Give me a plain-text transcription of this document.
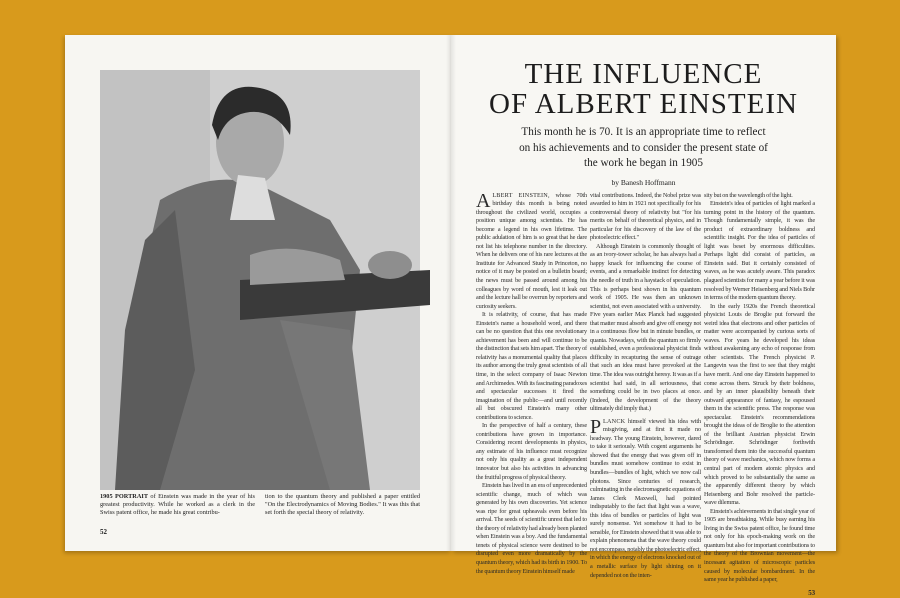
1905 PORTRAIT of Einstein was made in the year of his greatest productivity. While he worked as a clerk in the Swiss patent office, he made his great contribu-

tion to the quantum theory and published a paper entitled "On the Electrodynamics of Moving Bodies." It was this that set forth the special theory of relativity.

52
THE INFLUENCE
OF ALBERT EINSTEIN
This month he is 70. It is an appropriate time to reflect on his achievements and to consider the present state of the work he began in 1905
by Banesh Hoffmann

ALBERT EINSTEIN, whose 70th birthday this month is being noted throughout the civilized world, occupies a position unique among scientists. He has become a legend in his own lifetime. The public adulation of him is so great that he dare not list his telephone number in the directory. When he delivers one of his rare lectures at the Institute for Advanced Study in Princeton, no notice of it may be posted on a bulletin board; the news must be passed around among his colleagues by word of mouth, lest it leak out and the lecture hall be overrun by reporters and curiosity seekers.

It is relativity, of course, that has made Einstein's name a household word, and there can be no question that this one revolutionary achievement has been and will continue to be the distinction that sets him apart. The theory of relativity has a monumental quality that places its author among the truly great scientists of all time, in the select company of Isaac Newton and Archimedes. With its fascinating paradoxes and spectacular successes it fired the imagination of the public—and until recently all but obscured Einstein's many other contributions to science.

In the perspective of half a century, these contributions have grown in importance. Considering recent developments in physics, any estimate of his influence must recognize not only his quality as a great independent innovator but also his activities in advancing the fruitful progress of physical theory.

Einstein has lived in an era of unprecedented scientific change, much of which was generated by his own discoveries. Yet science was ripe for great upheavals even before his arrival. The seeds of scientific unrest that led to the theory of relativity had already been planted when Einstein was a boy. And the fundamental tenets of physical science were destined to be disrupted even more dramatically by the quantum theory, which had its birth in 1900. To the quantum theory Einstein himself made

vital contributions. Indeed, the Nobel prize was awarded to him in 1921 not specifically for his controversial theory of relativity but "for his merits on behalf of theoretical physics, and in particular for his discovery of the law of the photoelectric effect."

Although Einstein is commonly thought of as an ivory-tower scholar, he has always had a happy knack for influencing the course of events, and a remarkable instinct for detecting the needle of truth in a haystack of speculation. This is perhaps best shown in his quantum work of 1905. He was then an unknown scientist, not even associated with a university. Five years earlier Max Planck had suggested that matter must absorb and give off energy not in a continuous flow but in minute bundles, or quanta. Nowadays, with the quantum so firmly established, even a professional physicist finds difficulty in recapturing the sense of outrage that such an idea must have provoked at the time. The idea was outright heresy. It was as if a scientist had said, in all seriousness, that something could be in two places at once. (Indeed, the development of the theory ultimately did imply that.)

PLANCK himself viewed his idea with misgiving, and at first it made no headway. The young Einstein, however, dared to take it seriously. With cogent arguments he showed that the energy that was given off in bundles must somehow continue to exist in bundles—bundles of light, which we now call photons. Since centuries of research, culminating in the electromagnetic equations of James Clerk Maxwell, had pointed indisputably to the fact that light was a wave, this idea of bundles or particles of light was surely nonsense. Yet somehow it had to be sensible, for Einstein showed that it was able to explain phenomena that the wave theory could not encompass, notably the photoelectric effect, in which the energy of electrons knocked out of a metallic surface by light shining on it depended not on the inten-

sity but on the wavelength of the light.

Einstein's idea of particles of light marked a turning point in the history of the quantum. Though fundamentally simple, it was the product of extraordinary boldness and scientific insight. For the idea of particles of light was beset by enormous difficulties. Perhaps light did consist of particles, as Einstein said. But it certainly consisted of waves, as he was acutely aware. This paradox plagued scientists for many a year before it was resolved by Werner Heisenberg and Niels Bohr in terms of the modern quantum theory.

In the early 1920s the French theoretical physicist Louis de Broglie put forward the weird idea that electrons and other particles of matter were accompanied by curious sorts of waves. For years he developed his ideas without awakening any echo of response from other scientists. The French physicist P. Langevin was the first to see that they might have merit. And one day Einstein happened to come across them. Struck by their boldness, and by an inner plausibility beneath their outward appearance of fantasy, he espoused them in the scientific press. The response was spectacular. Einstein's recommendations brought the ideas of de Broglie to the attention of the brilliant Austrian physicist Erwin Schrödinger. Schrödinger forthwith transformed them into the successful quantum theory of wave mechanics, which now forms a central part of modern atomic physics and which proved to be substantially the same as the apparently different theory by which Heisenberg and Bohr resolved the particle-wave dilemma.

Einstein's achievements in that single year of 1905 are breathtaking. While busy earning his living in the Swiss patent office, he found time not only for his epoch-making work on the quantum but also for important contributions to the theory of the Brownian movement—the incessant agitation of microscopic particles caused by molecular bombardment. In the same year he published a paper,

53
